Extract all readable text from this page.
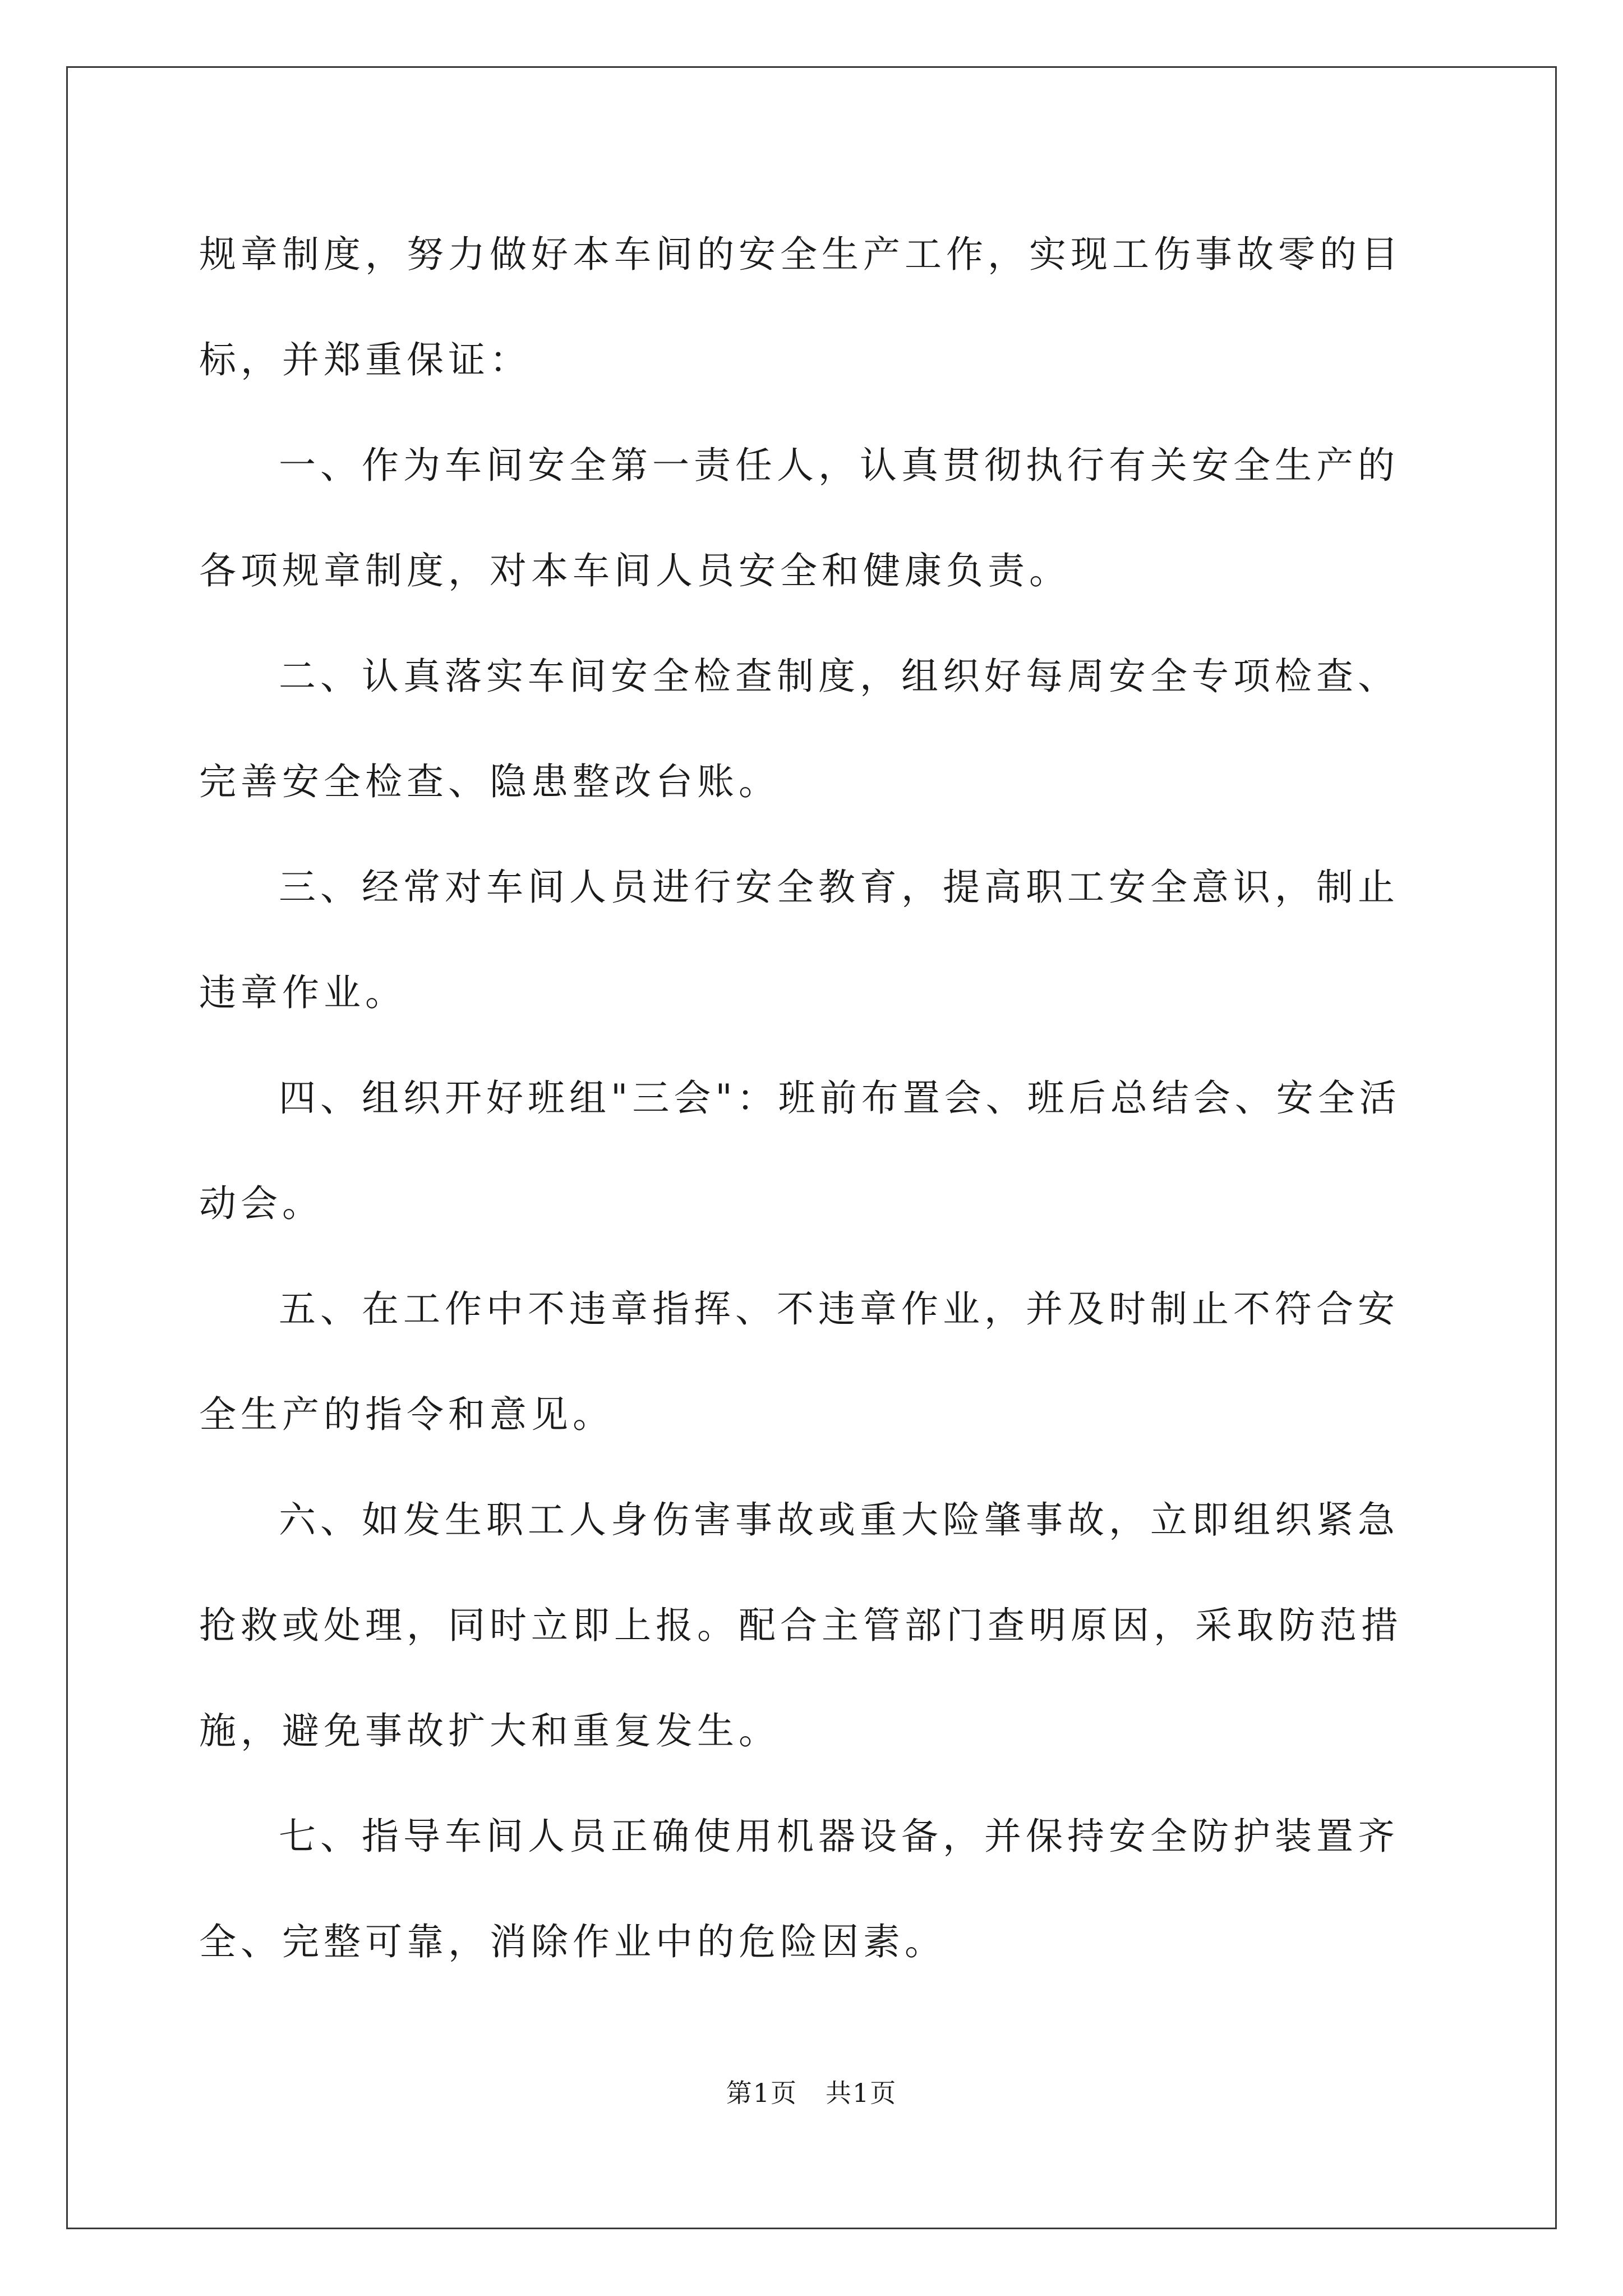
规章制度，努力做好本车间的安全生产工作，实现工伤事故零的目标，并郑重保证：

一、作为车间安全第一责任人，认真贯彻执行有关安全生产的各项规章制度，对本车间人员安全和健康负责。

二、认真落实车间安全检查制度，组织好每周安全专项检查、完善安全检查、隐患整改台账。

三、经常对车间人员进行安全教育，提高职工安全意识，制止违章作业。

四、组织开好班组"三会"：班前布置会、班后总结会、安全活动会。

五、在工作中不违章指挥、不违章作业，并及时制止不符合安全生产的指令和意见。

六、如发生职工人身伤害事故或重大险肇事故，立即组织紧急抢救或处理，同时立即上报。配合主管部门查明原因，采取防范措施，避免事故扩大和重复发生。

七、指导车间人员正确使用机器设备，并保持安全防护装置齐全、完整可靠，消除作业中的危险因素。

第1页 共1页
